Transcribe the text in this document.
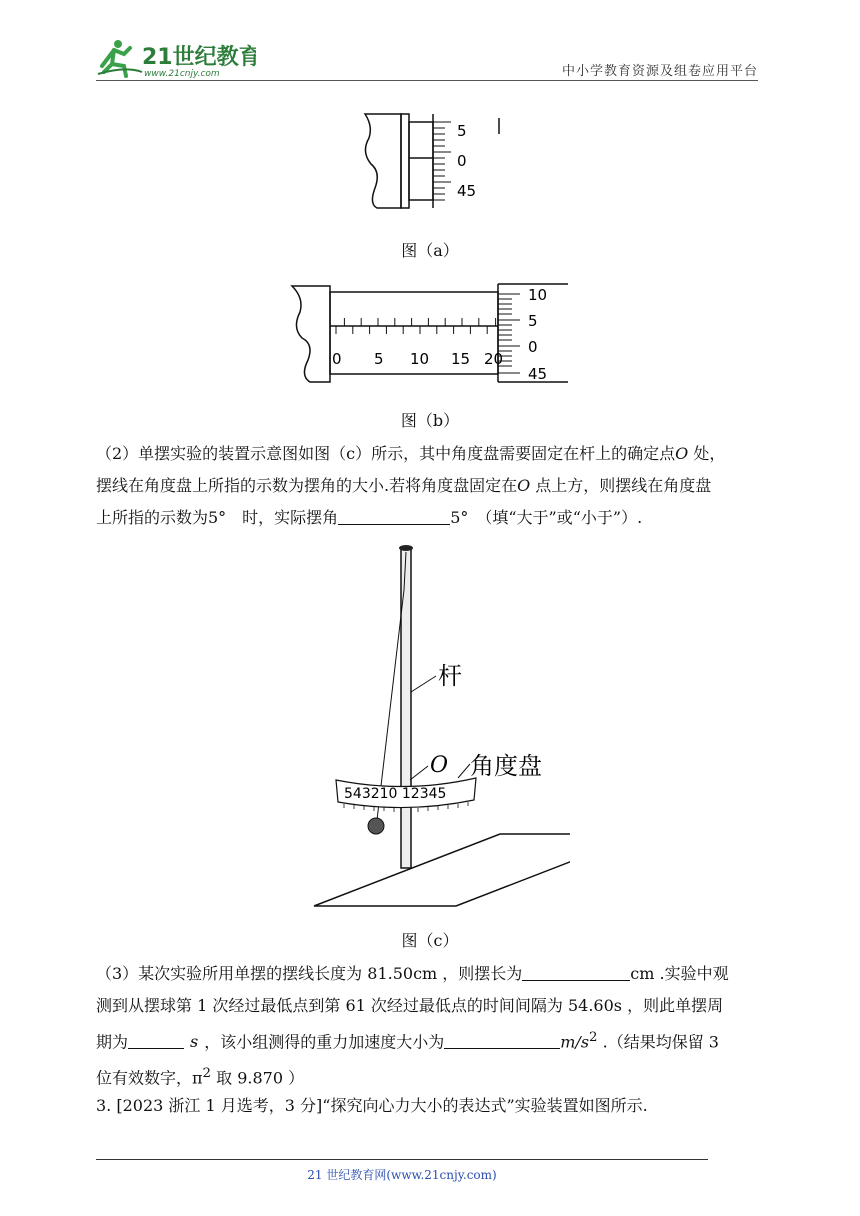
21世纪教育
www.21cnjy.com	中小学教育资源及组卷应用平台
5
0
45
图（a）
0 5 10 15 20
10
5
0
45
图（b）
（2）单摆实验的装置示意图如图（c）所示，其中角度盘需要固定在杆上的确定点O 处，
摆线在角度盘上所指的示数为摆角的大小.若将角度盘固定在O 点上方，则摆线在角度盘
上所指的示数为5°　时，实际摆角	5°　（填“大于”或“小于”）.
543210 12345
杆
O 角度盘
图（c）
（3）某次实验所用单摆的摆线长度为 81.50cm ，则摆长为	cm .实验中观
测到从摆球第 1 次经过最低点到第 61 次经过最低点的时间间隔为 54.60s ，则此单摆周
期为	s ，该小组测得的重力加速度大小为	$m/s^2$ .（结果均保留 3
位有效数字，$\pi^2$ 取 9.870 ）
3. [2023 浙江 1 月选考，3 分]“探究向心力大小的表达式”实验装置如图所示.
21 世纪教育网(www.21cnjy.com)
